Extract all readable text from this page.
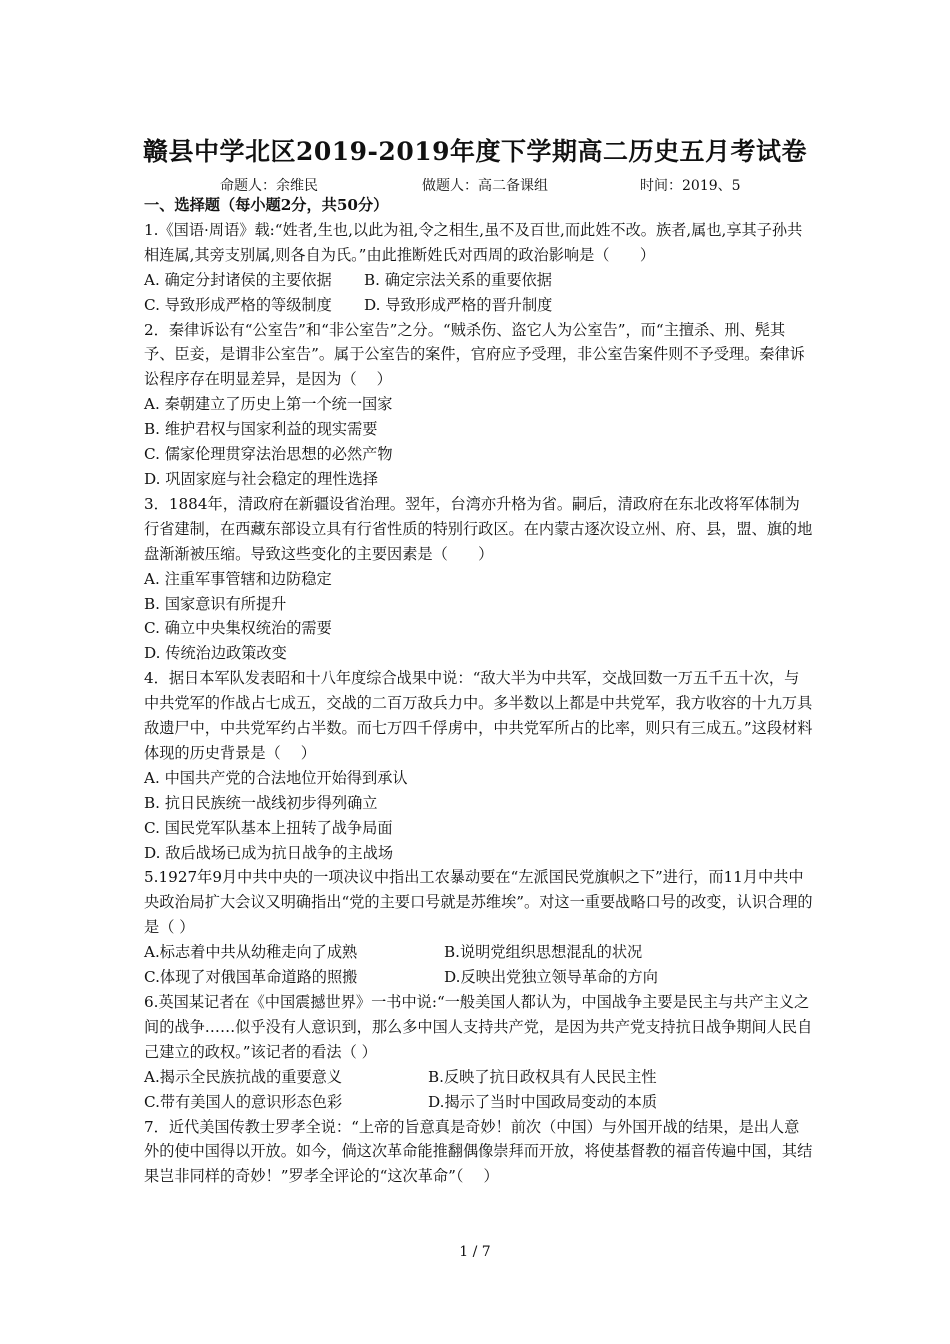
赣县中学北区2019-2019年度下学期高二历史五月考试卷
命题人：余维民	做题人：高二备课组	时间：2019、5

一、选择题（每小题2分，共50分）

1.《国语·周语》载:“姓者,生也,以此为祖,令之相生,虽不及百世,而此姓不改。族者,属也,享其子孙共相连属,其旁支别属,则各自为氏。”由此推断姓氏对西周的政治影响是（　　）

A. 确定分封诸侯的主要依据	B. 确定宗法关系的重要依据
C. 导致形成严格的等级制度	D. 导致形成严格的晋升制度

2．秦律诉讼有“公室告”和“非公室告”之分。“贼杀伤、盗它人为公室告”，而“主擅杀、刑、髡其予、臣妾，是谓非公室告”。属于公室告的案件，官府应予受理，非公室告案件则不予受理。秦律诉讼程序存在明显差异，是因为（　 ）

A. 秦朝建立了历史上第一个统一国家

B. 维护君权与国家利益的现实需要

C. 儒家伦理贯穿法治思想的必然产物

D. 巩固家庭与社会稳定的理性选择

3．1884年，清政府在新疆设省治理。翌年，台湾亦升格为省。嗣后，清政府在东北改将军体制为行省建制，在西藏东部设立具有行省性质的特别行政区。在内蒙古逐次设立州、府、县，盟、旗的地盘渐渐被压缩。导致这些变化的主要因素是（　　）

A. 注重军事管辖和边防稳定

B. 国家意识有所提升

C. 确立中央集权统治的需要

D. 传统治边政策改变

4．据日本军队发表昭和十八年度综合战果中说：“敌大半为中共军，交战回数一万五千五十次，与中共党军的作战占七成五，交战的二百万敌兵力中。多半数以上都是中共党军，我方收容的十九万具敌遗尸中，中共党军约占半数。而七万四千俘虏中，中共党军所占的比率，则只有三成五。”这段材料体现的历史背景是（　 ）

A. 中国共产党的合法地位开始得到承认

B. 抗日民族统一战线初步得列确立

C. 国民党军队基本上扭转了战争局面

D. 敌后战场已成为抗日战争的主战场

5.1927年9月中共中央的一项决议中指出工农暴动要在“左派国民党旗帜之下”进行，而11月中共中央政治局扩大会议又明确指出“党的主要口号就是苏维埃”。对这一重要战略口号的改变，认识合理的是（ ）

A.标志着中共从幼稚走向了成熟	B.说明党组织思想混乱的状况
C.体现了对俄国革命道路的照搬	D.反映出党独立领导革命的方向

6.英国某记者在《中国震撼世界》一书中说:“一般美国人都认为，中国战争主要是民主与共产主义之间的战争……似乎没有人意识到，那么多中国人支持共产党，是因为共产党支持抗日战争期间人民自己建立的政权。”该记者的看法（ ）

A.揭示全民族抗战的重要意义	B.反映了抗日政权具有人民民主性
C.带有美国人的意识形态色彩	D.揭示了当时中国政局变动的本质

7．近代美国传教士罗孝全说：“上帝的旨意真是奇妙！前次（中国）与外国开战的结果，是出人意外的使中国得以开放。如今，倘这次革命能推翻偶像崇拜而开放，将使基督教的福音传遍中国，其结果岂非同样的奇妙！”罗孝全评论的“这次革命”（　 ）

1 / 7
